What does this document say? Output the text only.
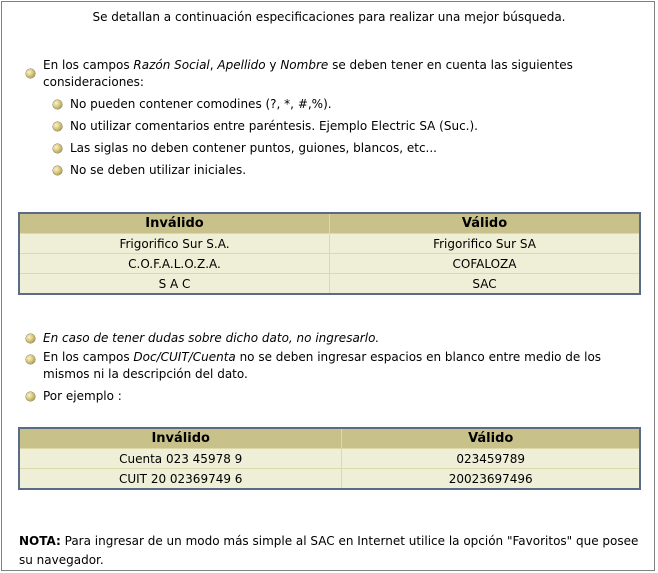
Se detallan a continuación especificaciones para realizar una mejor búsqueda.
En los campos Razón Social, Apellido y Nombre se deben tener en cuenta las siguientes
consideraciones:
No pueden contener comodines (?, *, #,%).
No utilizar comentarios entre paréntesis. Ejemplo Electric SA (Suc.).
Las siglas no deben contener puntos, guiones, blancos, etc...
No se deben utilizar iniciales.
Inválido	Válido
Frigorifico Sur S.A.	Frigorifico Sur SA
C.O.F.A.L.O.Z.A.	COFALOZA
S A C	SAC
En caso de tener dudas sobre dicho dato, no ingresarlo.
En los campos Doc/CUIT/Cuenta no se deben ingresar espacios en blanco entre medio de los
mismos ni la descripción del dato.
Por ejemplo :
Inválido	Válido
Cuenta 023 45978 9	023459789
CUIT 20 02369749 6	20023697496
NOTA: Para ingresar de un modo más simple al SAC en Internet utilice la opción "Favoritos" que posee su navegador.
